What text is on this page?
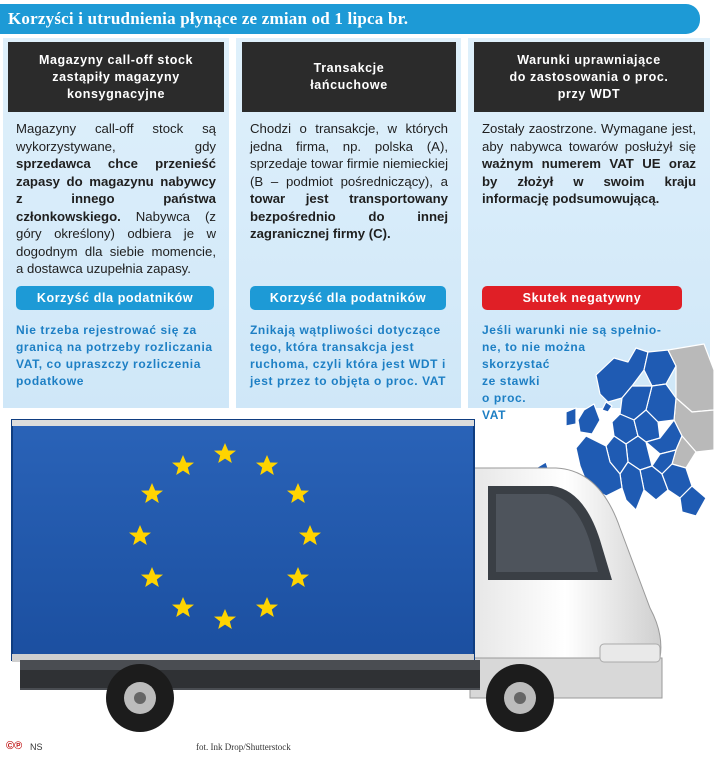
Korzyści i utrudnienia płynące ze zmian od 1 lipca br.
Magazyny call-off stock
zastąpiły magazyny
konsygnacyjne
Transakcje
łańcuchowe
Warunki uprawniające
do zastosowania o proc.
przy WDT
Magazyny call-off stock są wykorzystywane, gdy sprzedawca chce przenieść zapasy do magazynu nabywcy z innego państwa członkowskiego. Nabywca (z góry określony) odbiera je w dogodnym dla siebie momencie, a dostawca uzupełnia zapasy.
Chodzi o transakcje, w których jedna firma, np. polska (A), sprzedaje towar firmie niemieckiej (B – podmiot pośredniczący), a towar jest transportowany bezpośrednio do innej zagranicznej firmy (C).
Zostały zaostrzone. Wymagane jest, aby nabywca towarów posłużył się ważnym numerem VAT UE oraz by złożył w swoim kraju informację podsumowującą.
Korzyść dla podatników	Korzyść dla podatników	Skutek negatywny
Nie trzeba rejestrować się za granicą na potrzeby rozliczania VAT, co upraszczy rozliczenia podatkowe
Znikają wątpliwości dotyczące tego, która transakcja jest ruchoma, czyli która jest WDT i jest przez to objęta o proc. VAT
Jeśli warunki nie są spełnio-
ne, to nie można
skorzystać
ze stawki
o proc.
VAT
©℗ NS	fot. Ink Drop/Shutterstock
